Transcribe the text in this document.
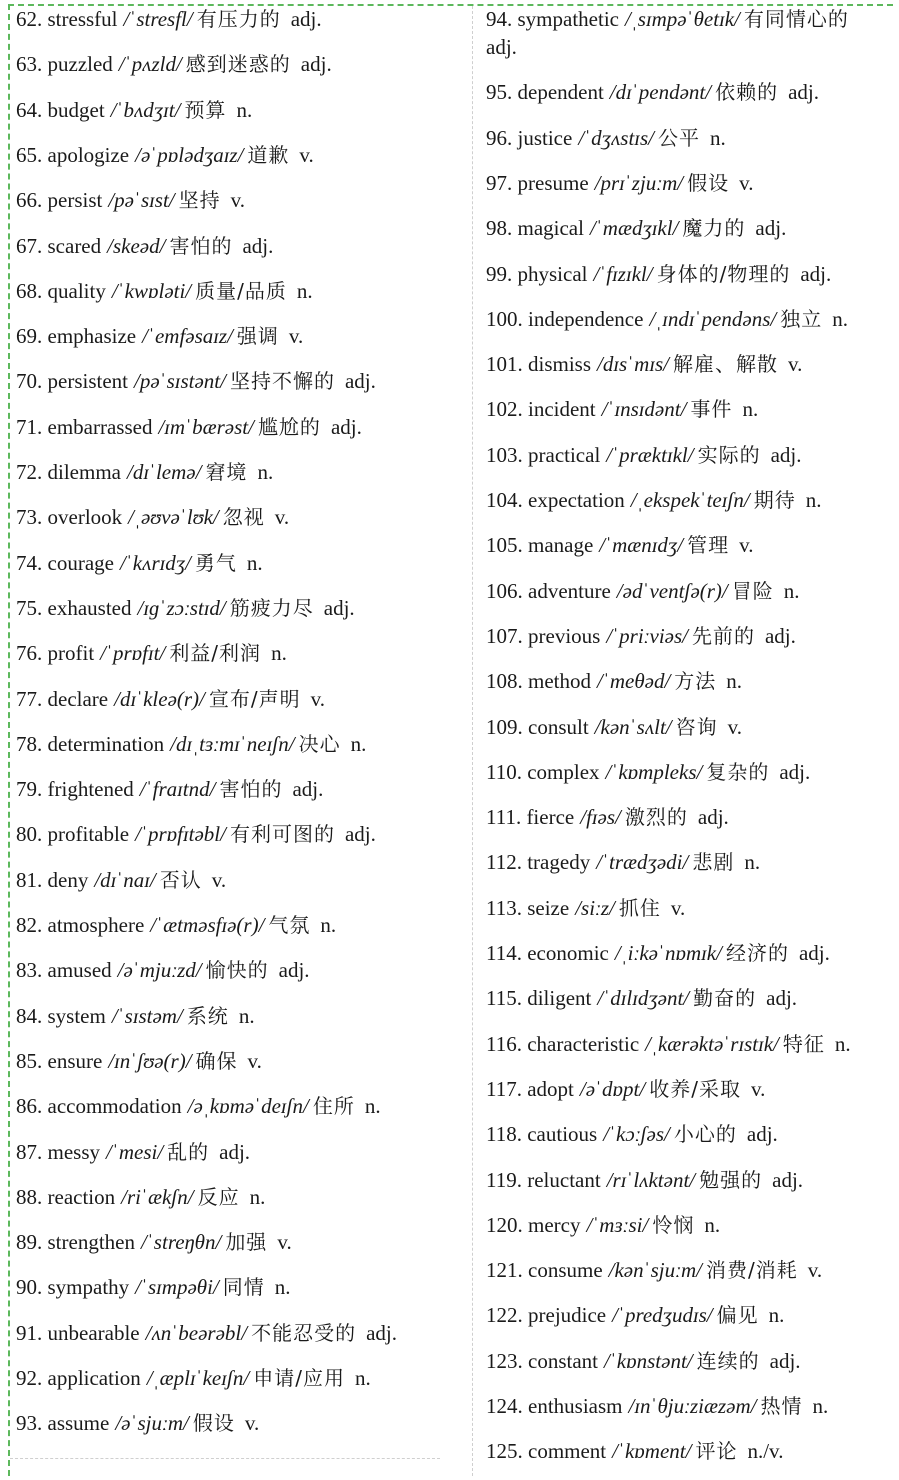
62. stressful /ˈstresfl/ 有压力的 adj.
63. puzzled /ˈpʌzld/ 感到迷惑的 adj.
64. budget /ˈbʌdʒɪt/ 预算 n.
65. apologize /əˈpɒlədʒaɪz/ 道歉 v.
66. persist /pəˈsɪst/ 坚持 v.
67. scared /skeəd/ 害怕的 adj.
68. quality /ˈkwɒləti/ 质量/品质 n.
69. emphasize /ˈemfəsaɪz/ 强调 v.
70. persistent /pəˈsɪstənt/ 坚持不懈的 adj.
71. embarrassed /ɪmˈbærəst/ 尴尬的 adj.
72. dilemma /dɪˈlemə/ 窘境 n.
73. overlook /ˌəʊvəˈlʊk/ 忽视 v.
74. courage /ˈkʌrɪdʒ/ 勇气 n.
75. exhausted /ɪɡˈzɔːstɪd/ 筋疲力尽 adj.
76. profit /ˈprɒfɪt/ 利益/利润 n.
77. declare /dɪˈkleə(r)/ 宣布/声明 v.
78. determination /dɪˌtɜːmɪˈneɪʃn/ 决心 n.
79. frightened /ˈfraɪtnd/ 害怕的 adj.
80. profitable /ˈprɒfɪtəbl/ 有利可图的 adj.
81. deny /dɪˈnaɪ/ 否认 v.
82. atmosphere /ˈætməsfɪə(r)/ 气氛 n.
83. amused /əˈmjuːzd/ 愉快的 adj.
84. system /ˈsɪstəm/ 系统 n.
85. ensure /ɪnˈʃʊə(r)/ 确保 v.
86. accommodation /əˌkɒməˈdeɪʃn/ 住所 n.
87. messy /ˈmesi/ 乱的 adj.
88. reaction /riˈækʃn/ 反应 n.
89. strengthen /ˈstreŋθn/ 加强 v.
90. sympathy /ˈsɪmpəθi/ 同情 n.
91. unbearable /ʌnˈbeərəbl/ 不能忍受的 adj.
92. application /ˌæplɪˈkeɪʃn/ 申请/应用 n.
93. assume /əˈsjuːm/ 假设 v.
94. sympathetic /ˌsɪmpəˈθetɪk/ 有同情心的adj.
95. dependent /dɪˈpendənt/ 依赖的 adj.
96. justice /ˈdʒʌstɪs/ 公平 n.
97. presume /prɪˈzjuːm/ 假设 v.
98. magical /ˈmædʒɪkl/ 魔力的 adj.
99. physical /ˈfɪzɪkl/ 身体的/物理的 adj.
100. independence /ˌɪndɪˈpendəns/ 独立 n.
101. dismiss /dɪsˈmɪs/ 解雇、解散 v.
102. incident /ˈɪnsɪdənt/ 事件 n.
103. practical /ˈpræktɪkl/ 实际的 adj.
104. expectation /ˌekspekˈteɪʃn/ 期待 n.
105. manage /ˈmænɪdʒ/ 管理 v.
106. adventure /ədˈventʃə(r)/ 冒险 n.
107. previous /ˈpriːviəs/ 先前的 adj.
108. method /ˈmeθəd/ 方法 n.
109. consult /kənˈsʌlt/ 咨询 v.
110. complex /ˈkɒmpleks/ 复杂的 adj.
111. fierce /fɪəs/ 激烈的 adj.
112. tragedy /ˈtrædʒədi/ 悲剧 n.
113. seize /siːz/ 抓住 v.
114. economic /ˌiːkəˈnɒmɪk/ 经济的 adj.
115. diligent /ˈdɪlɪdʒənt/ 勤奋的 adj.
116. characteristic /ˌkærəktəˈrɪstɪk/ 特征 n.
117. adopt /əˈdɒpt/ 收养/采取 v.
118. cautious /ˈkɔːʃəs/ 小心的 adj.
119. reluctant /rɪˈlʌktənt/ 勉强的 adj.
120. mercy /ˈmɜːsi/ 怜悯 n.
121. consume /kənˈsjuːm/ 消费/消耗 v.
122. prejudice /ˈpredʒudɪs/ 偏见 n.
123. constant /ˈkɒnstənt/ 连续的 adj.
124. enthusiasm /ɪnˈθjuːziæzəm/ 热情 n.
125. comment /ˈkɒment/ 评论 n./v.
